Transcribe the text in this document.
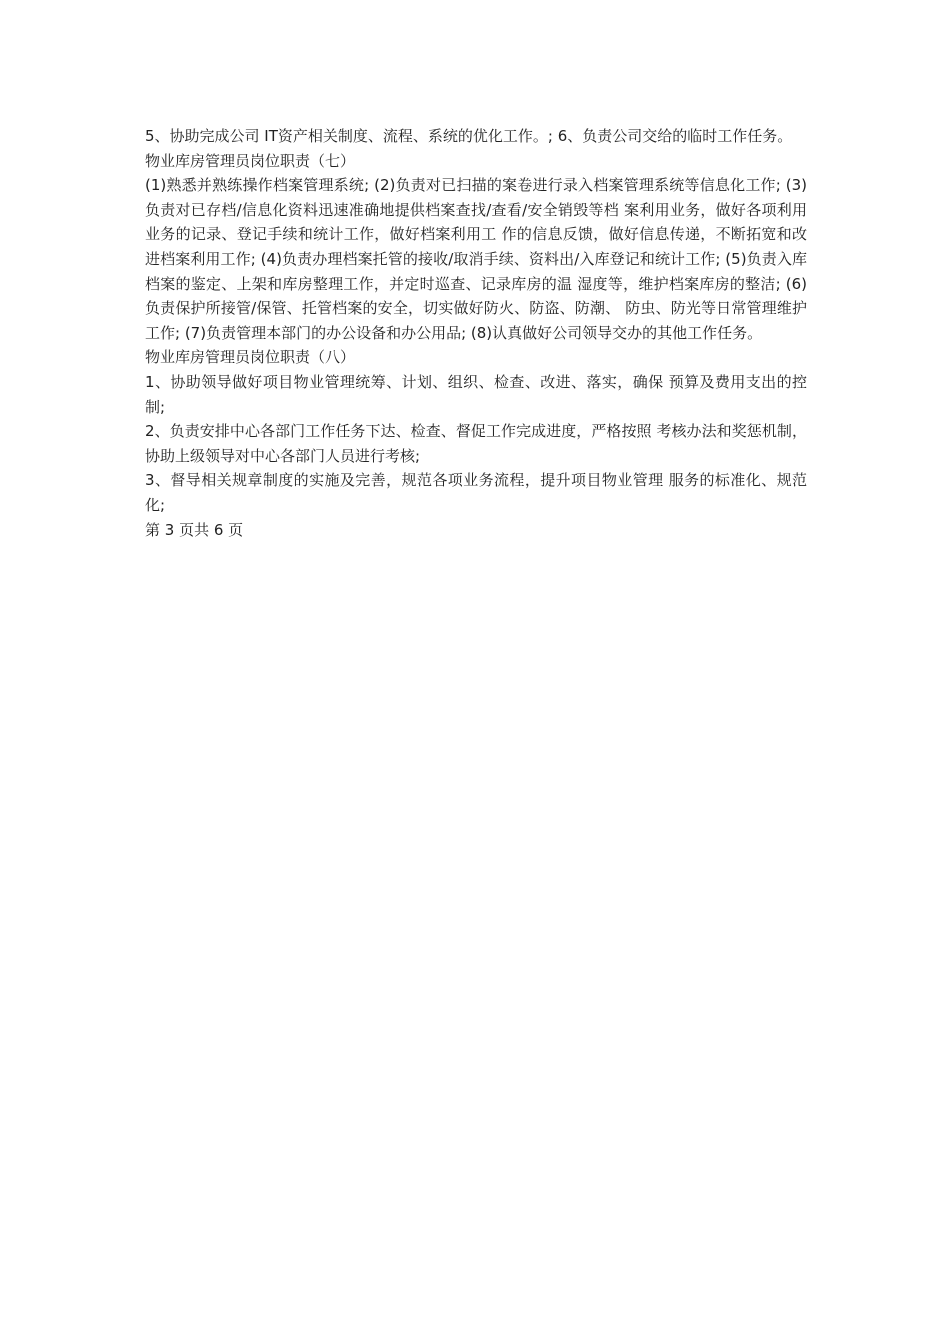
5、协助完成公司 IT资产相关制度、流程、系统的优化工作。; 6、负责公司交给的临时工作任务。

物业库房管理员岗位职责（七）

(1)熟悉并熟练操作档案管理系统; (2)负责对已扫描的案卷进行录入档案管理系统等信息化工作; (3)负责对已存档/信息化资料迅速准确地提供档案查找/查看/安全销毁等档 案利用业务，做好各项利用业务的记录、登记手续和统计工作，做好档案利用工 作的信息反馈，做好信息传递，不断拓宽和改进档案利用工作; (4)负责办理档案托管的接收/取消手续、资料出/入库登记和统计工作; (5)负责入库档案的鉴定、上架和库房整理工作，并定时巡查、记录库房的温 湿度等，维护档案库房的整洁; (6)负责保护所接管/保管、托管档案的安全，切实做好防火、防盗、防潮、 防虫、防光等日常管理维护工作; (7)负责管理本部门的办公设备和办公用品; (8)认真做好公司领导交办的其他工作任务。

物业库房管理员岗位职责（八）

1、协助领导做好项目物业管理统筹、计划、组织、检查、改进、落实，确保 预算及费用支出的控制;

2、负责安排中心各部门工作任务下达、检查、督促工作完成进度，严格按照 考核办法和奖惩机制，协助上级领导对中心各部门人员进行考核;

3、督导相关规章制度的实施及完善，规范各项业务流程，提升项目物业管理 服务的标准化、规范化;

第 3 页共 6 页
